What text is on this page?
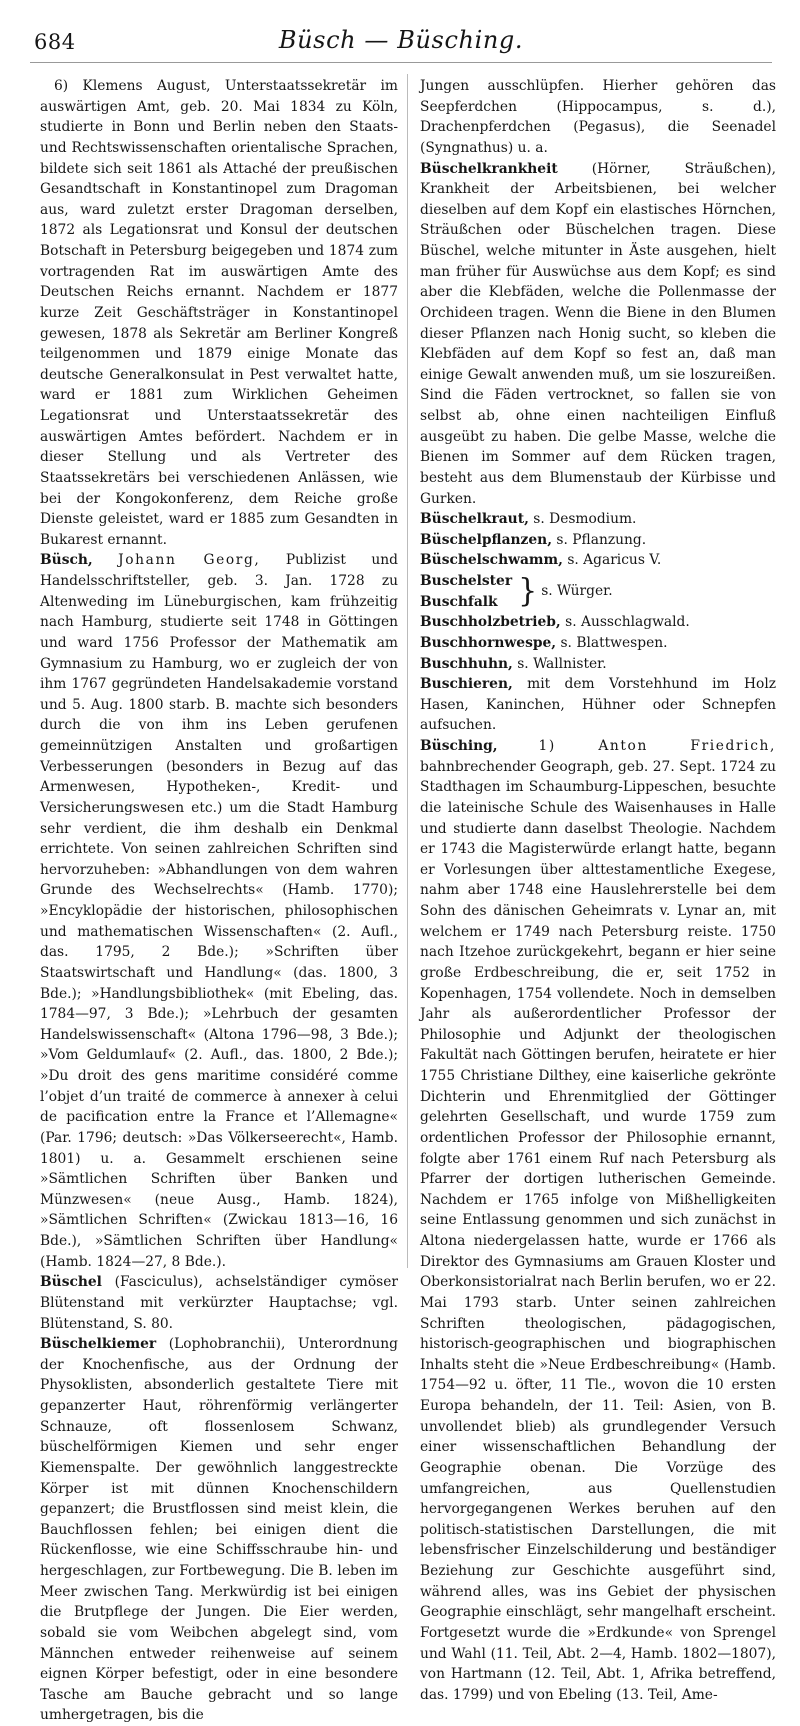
684	Büsch — Büsching.

6) Klemens August, Unterstaatssekretär im auswärtigen Amt, geb. 20. Mai 1834 zu Köln, studierte in Bonn und Berlin neben den Staats- und Rechtswissenschaften orientalische Sprachen, bildete sich seit 1861 als Attaché der preußischen Gesandtschaft in Konstantinopel zum Dragoman aus, ward zuletzt erster Dragoman derselben, 1872 als Legationsrat und Konsul der deutschen Botschaft in Petersburg beigegeben und 1874 zum vortragenden Rat im auswärtigen Amte des Deutschen Reichs ernannt. Nachdem er 1877 kurze Zeit Geschäftsträger in Konstantinopel gewesen, 1878 als Sekretär am Berliner Kongreß teilgenommen und 1879 einige Monate das deutsche Generalkonsulat in Pest verwaltet hatte, ward er 1881 zum Wirklichen Geheimen Legationsrat und Unterstaatssekretär des auswärtigen Amtes befördert. Nachdem er in dieser Stellung und als Vertreter des Staatssekretärs bei verschiedenen Anlässen, wie bei der Kongokonferenz, dem Reiche große Dienste geleistet, ward er 1885 zum Gesandten in Bukarest ernannt.

Büsch, Johann Georg, Publizist und Handelsschriftsteller, geb. 3. Jan. 1728 zu Altenweding im Lüneburgischen, kam frühzeitig nach Hamburg, studierte seit 1748 in Göttingen und ward 1756 Professor der Mathematik am Gymnasium zu Hamburg, wo er zugleich der von ihm 1767 gegründeten Handelsakademie vorstand und 5. Aug. 1800 starb. B. machte sich besonders durch die von ihm ins Leben gerufenen gemeinnützigen Anstalten und großartigen Verbesserungen (besonders in Bezug auf das Armenwesen, Hypotheken-, Kredit- und Versicherungswesen etc.) um die Stadt Hamburg sehr verdient, die ihm deshalb ein Denkmal errichtete. Von seinen zahlreichen Schriften sind hervorzuheben: »Abhandlungen von dem wahren Grunde des Wechselrechts« (Hamb. 1770); »Encyklopädie der historischen, philosophischen und mathematischen Wissenschaften« (2. Aufl., das. 1795, 2 Bde.); »Schriften über Staatswirtschaft und Handlung« (das. 1800, 3 Bde.); »Handlungsbibliothek« (mit Ebeling, das. 1784—97, 3 Bde.); »Lehrbuch der gesamten Handelswissenschaft« (Altona 1796—98, 3 Bde.); »Vom Geldumlauf« (2. Aufl., das. 1800, 2 Bde.); »Du droit des gens maritime considéré comme l’objet d’un traité de commerce à annexer à celui de pacification entre la France et l’Allemagne« (Par. 1796; deutsch: »Das Völkerseerecht«, Hamb. 1801) u. a. Gesammelt erschienen seine »Sämtlichen Schriften über Banken und Münzwesen« (neue Ausg., Hamb. 1824), »Sämtlichen Schriften« (Zwickau 1813—16, 16 Bde.), »Sämtlichen Schriften über Handlung« (Hamb. 1824—27, 8 Bde.).

Büschel (Fasciculus), achselständiger cymöser Blütenstand mit verkürzter Hauptachse; vgl. Blütenstand, S. 80.

Büschelkiemer (Lophobranchii), Unterordnung der Knochenfische, aus der Ordnung der Physoklisten, absonderlich gestaltete Tiere mit gepanzerter Haut, röhrenförmig verlängerter Schnauze, oft flossenlosem Schwanz, büschelförmigen Kiemen und sehr enger Kiemenspalte. Der gewöhnlich langgestreckte Körper ist mit dünnen Knochenschildern gepanzert; die Brustflossen sind meist klein, die Bauchflossen fehlen; bei einigen dient die Rückenflosse, wie eine Schiffsschraube hin- und hergeschlagen, zur Fortbewegung. Die B. leben im Meer zwischen Tang. Merkwürdig ist bei einigen die Brutpflege der Jungen. Die Eier werden, sobald sie vom Weibchen abgelegt sind, vom Männchen entweder reihenweise auf seinem eignen Körper befestigt, oder in eine besondere Tasche am Bauche gebracht und so lange umhergetragen, bis die

Jungen ausschlüpfen. Hierher gehören das Seepferdchen (Hippocampus, s. d.), Drachenpferdchen (Pegasus), die Seenadel (Syngnathus) u. a.

Büschelkrankheit (Hörner, Sträußchen), Krankheit der Arbeitsbienen, bei welcher dieselben auf dem Kopf ein elastisches Hörnchen, Sträußchen oder Büschelchen tragen. Diese Büschel, welche mitunter in Äste ausgehen, hielt man früher für Auswüchse aus dem Kopf; es sind aber die Klebfäden, welche die Pollenmasse der Orchideen tragen. Wenn die Biene in den Blumen dieser Pflanzen nach Honig sucht, so kleben die Klebfäden auf dem Kopf so fest an, daß man einige Gewalt anwenden muß, um sie loszureißen. Sind die Fäden vertrocknet, so fallen sie von selbst ab, ohne einen nachteiligen Einfluß ausgeübt zu haben. Die gelbe Masse, welche die Bienen im Sommer auf dem Rücken tragen, besteht aus dem Blumenstaub der Kürbisse und Gurken.

Büschelkraut, s. Desmodium.

Büschelpflanzen, s. Pflanzung.

Büschelschwamm, s. Agaricus V.

Buschelster
Buschfalk } s. Würger.

Buschholzbetrieb, s. Ausschlagwald.

Buschhornwespe, s. Blattwespen.

Buschhuhn, s. Wallnister.

Buschieren, mit dem Vorstehhund im Holz Hasen, Kaninchen, Hühner oder Schnepfen aufsuchen.

Büsching,	1) Anton Friedrich, bahnbrechender Geograph, geb. 27. Sept. 1724 zu Stadthagen im Schaumburg-Lippeschen, besuchte die lateinische Schule des Waisenhauses in Halle und studierte dann daselbst Theologie. Nachdem er 1743 die Magisterwürde erlangt hatte, begann er Vorlesungen über alttestamentliche Exegese, nahm aber 1748 eine Hauslehrerstelle bei dem Sohn des dänischen Geheimrats v. Lynar an, mit welchem er 1749 nach Petersburg reiste. 1750 nach Itzehoe zurückgekehrt, begann er hier seine große Erdbeschreibung, die er, seit 1752 in Kopenhagen, 1754 vollendete. Noch in demselben Jahr als außerordentlicher Professor der Philosophie und Adjunkt der theologischen Fakultät nach Göttingen berufen, heiratete er hier 1755 Christiane Dilthey, eine kaiserliche gekrönte Dichterin und Ehrenmitglied der Göttinger gelehrten Gesellschaft, und wurde 1759 zum ordentlichen Professor der Philosophie ernannt, folgte aber 1761 einem Ruf nach Petersburg als Pfarrer der dortigen lutherischen Gemeinde. Nachdem er 1765 infolge von Mißhelligkeiten seine Entlassung genommen und sich zunächst in Altona niedergelassen hatte, wurde er 1766 als Direktor des Gymnasiums am Grauen Kloster und Oberkonsistorialrat nach Berlin berufen, wo er 22. Mai 1793 starb. Unter seinen zahlreichen Schriften theologischen, pädagogischen, historisch-geographischen und biographischen Inhalts steht die »Neue Erdbeschreibung« (Hamb. 1754—92 u. öfter, 11 Tle., wovon die 10 ersten Europa behandeln, der 11. Teil: Asien, von B. unvollendet blieb) als grundlegender Versuch einer wissenschaftlichen Behandlung der Geographie obenan. Die Vorzüge des umfangreichen, aus Quellenstudien hervorgegangenen Werkes beruhen auf den politisch-statistischen Darstellungen, die mit lebensfrischer Einzelschilderung und beständiger Beziehung zur Geschichte ausgeführt sind, während alles, was ins Gebiet der physischen Geographie einschlägt, sehr mangelhaft erscheint. Fortgesetzt wurde die »Erdkunde« von Sprengel und Wahl (11. Teil, Abt. 2—4, Hamb. 1802—1807), von Hartmann (12. Teil, Abt. 1, Afrika betreffend, das. 1799) und von Ebeling (13. Teil, Ame-
